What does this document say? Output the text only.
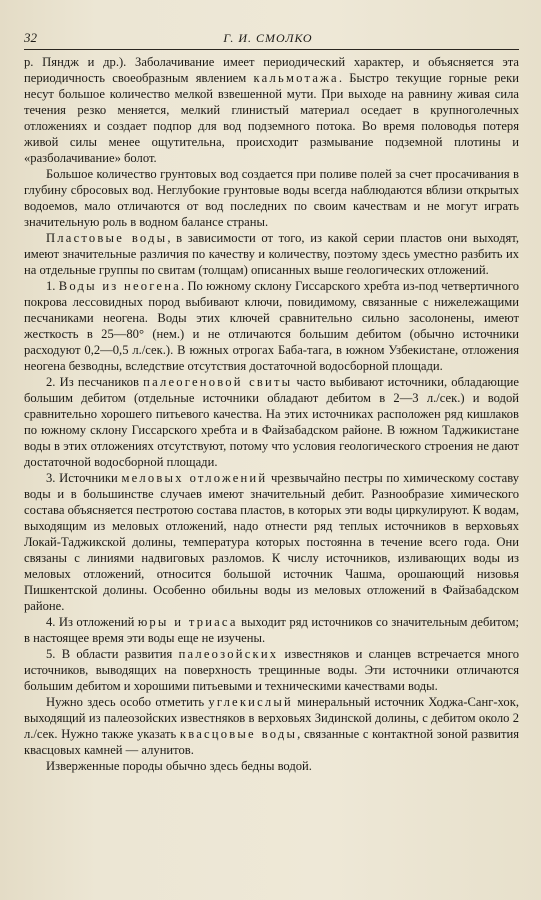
32	Г. И. СМОЛКО

р. Пяндж и др.). Заболачивание имеет периодический характер, и объясняется эта периодичность своеобразным явлением кальмотажа. Быстро текущие горные реки несут большое количество мелкой взвешенной мути. При выходе на равнину живая сила течения резко меняется, мелкий глинистый материал оседает в крупноголечных отложениях и создает подпор для вод подземного потока. Во время половодья потеря живой силы менее ощутительна, происходит размывание подземной плотины и «разболачивание» болот.

Большое количество грунтовых вод создается при поливе полей за счет просачивания в глубину сбросовых вод. Неглубокие грунтовые воды всегда наблюдаются вблизи открытых водоемов, мало отличаются от вод последних по своим качествам и не могут играть значительную роль в водном балансе страны.

Пластовые воды, в зависимости от того, из какой серии пластов они выходят, имеют значительные различия по качеству и количеству, поэтому здесь уместно разбить их на отдельные группы по свитам (толщам) описанных выше геологических отложений.

1. Воды из неогена. По южному склону Гиссарского хребта из-под четвертичного покрова лессовидных пород выбивают ключи, повидимому, связанные с нижележащими песчаниками неогена. Воды этих ключей сравнительно сильно засолонены, имеют жесткость в 25—80° (нем.) и не отличаются большим дебитом (обычно источники расходуют 0,2—0,5 л./сек.). В южных отрогах Баба-тага, в южном Узбекистане, отложения неогена безводны, вследствие отсутствия достаточной водосборной площади.

2. Из песчаников палеогеновой свиты часто выбивают источники, обладающие большим дебитом (отдельные источники обладают дебитом в 2—3 л./сек.) и водой сравнительно хорошего питьевого качества. На этих источниках расположен ряд кишлаков по южному склону Гиссарского хребта и в Файзабадском районе. В южном Таджикистане воды в этих отложениях отсутствуют, потому что условия геологического строения не дают достаточной водосборной площади.

3. Источники меловых отложений чрезвычайно пестры по химическому составу воды и в большинстве случаев имеют значительный дебит. Разнообразие химического состава объясняется пестротою состава пластов, в которых эти воды циркулируют. К водам, выходящим из меловых отложений, надо отнести ряд теплых источников в верховьях Локай-Таджикской долины, температура которых постоянна в течение всего года. Они связаны с линиями надвиговых разломов. К числу источников, изливающих воды из меловых отложений, относится большой источник Чашма, орошающий низовья Пишкентской долины. Особенно обильны воды из меловых отложений в Файзабадском районе.

4. Из отложений юры и триаса выходит ряд источников со значительным дебитом; в настоящее время эти воды еще не изучены.

5. В области развития палеозойских известняков и сланцев встречается много источников, выводящих на поверхность трещинные воды. Эти источники отличаются большим дебитом и хорошими питьевыми и техническими качествами воды.

Нужно здесь особо отметить углекислый минеральный источник Ходжа-Санг-хок, выходящий из палеозойских известняков в верховьях Зидинской долины, с дебитом около 2 л./сек. Нужно также указать квасцовые воды, связанные с контактной зоной развития квасцовых камней — алунитов.

Изверженные породы обычно здесь бедны водой.
